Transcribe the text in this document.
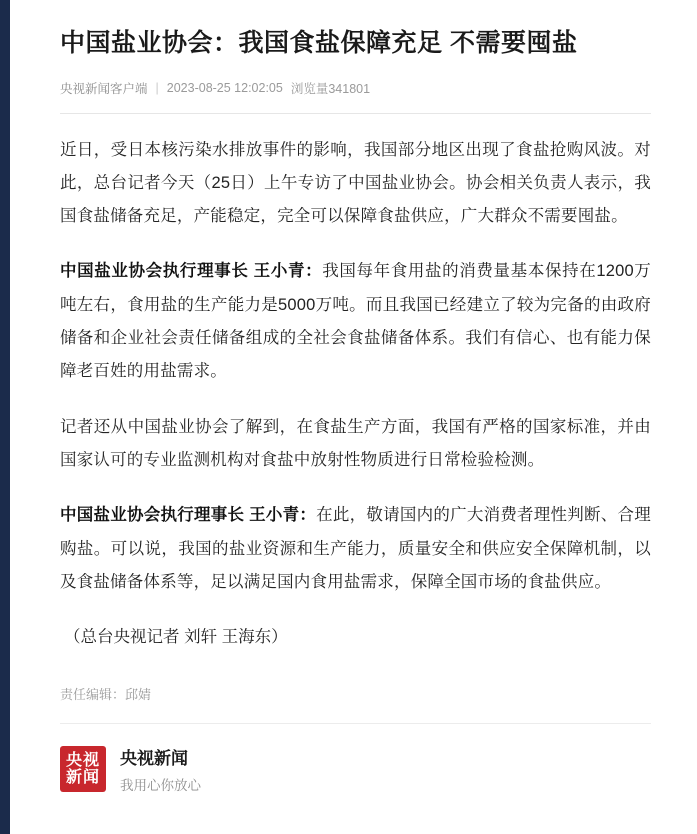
中国盐业协会：我国食盐保障充足 不需要囤盐
央视新闻客户端 | 2023-08-25 12:02:05 浏览量341801

近日，受日本核污染水排放事件的影响，我国部分地区出现了食盐抢购风波。对此，总台记者今天（25日）上午专访了中国盐业协会。协会相关负责人表示，我国食盐储备充足，产能稳定，完全可以保障食盐供应，广大群众不需要囤盐。

中国盐业协会执行理事长 王小青：我国每年食用盐的消费量基本保持在1200万吨左右，食用盐的生产能力是5000万吨。而且我国已经建立了较为完备的由政府储备和企业社会责任储备组成的全社会食盐储备体系。我们有信心、也有能力保障老百姓的用盐需求。

记者还从中国盐业协会了解到，在食盐生产方面，我国有严格的国家标准，并由国家认可的专业监测机构对食盐中放射性物质进行日常检验检测。

中国盐业协会执行理事长 王小青：在此，敬请国内的广大消费者理性判断、合理购盐。可以说，我国的盐业资源和生产能力，质量安全和供应安全保障机制，以及食盐储备体系等，足以满足国内食用盐需求，保障全国市场的食盐供应。

（总台央视记者 刘轩 王海东）
责任编辑：邱婧
央视
新闻
央视新闻
我用心你放心
